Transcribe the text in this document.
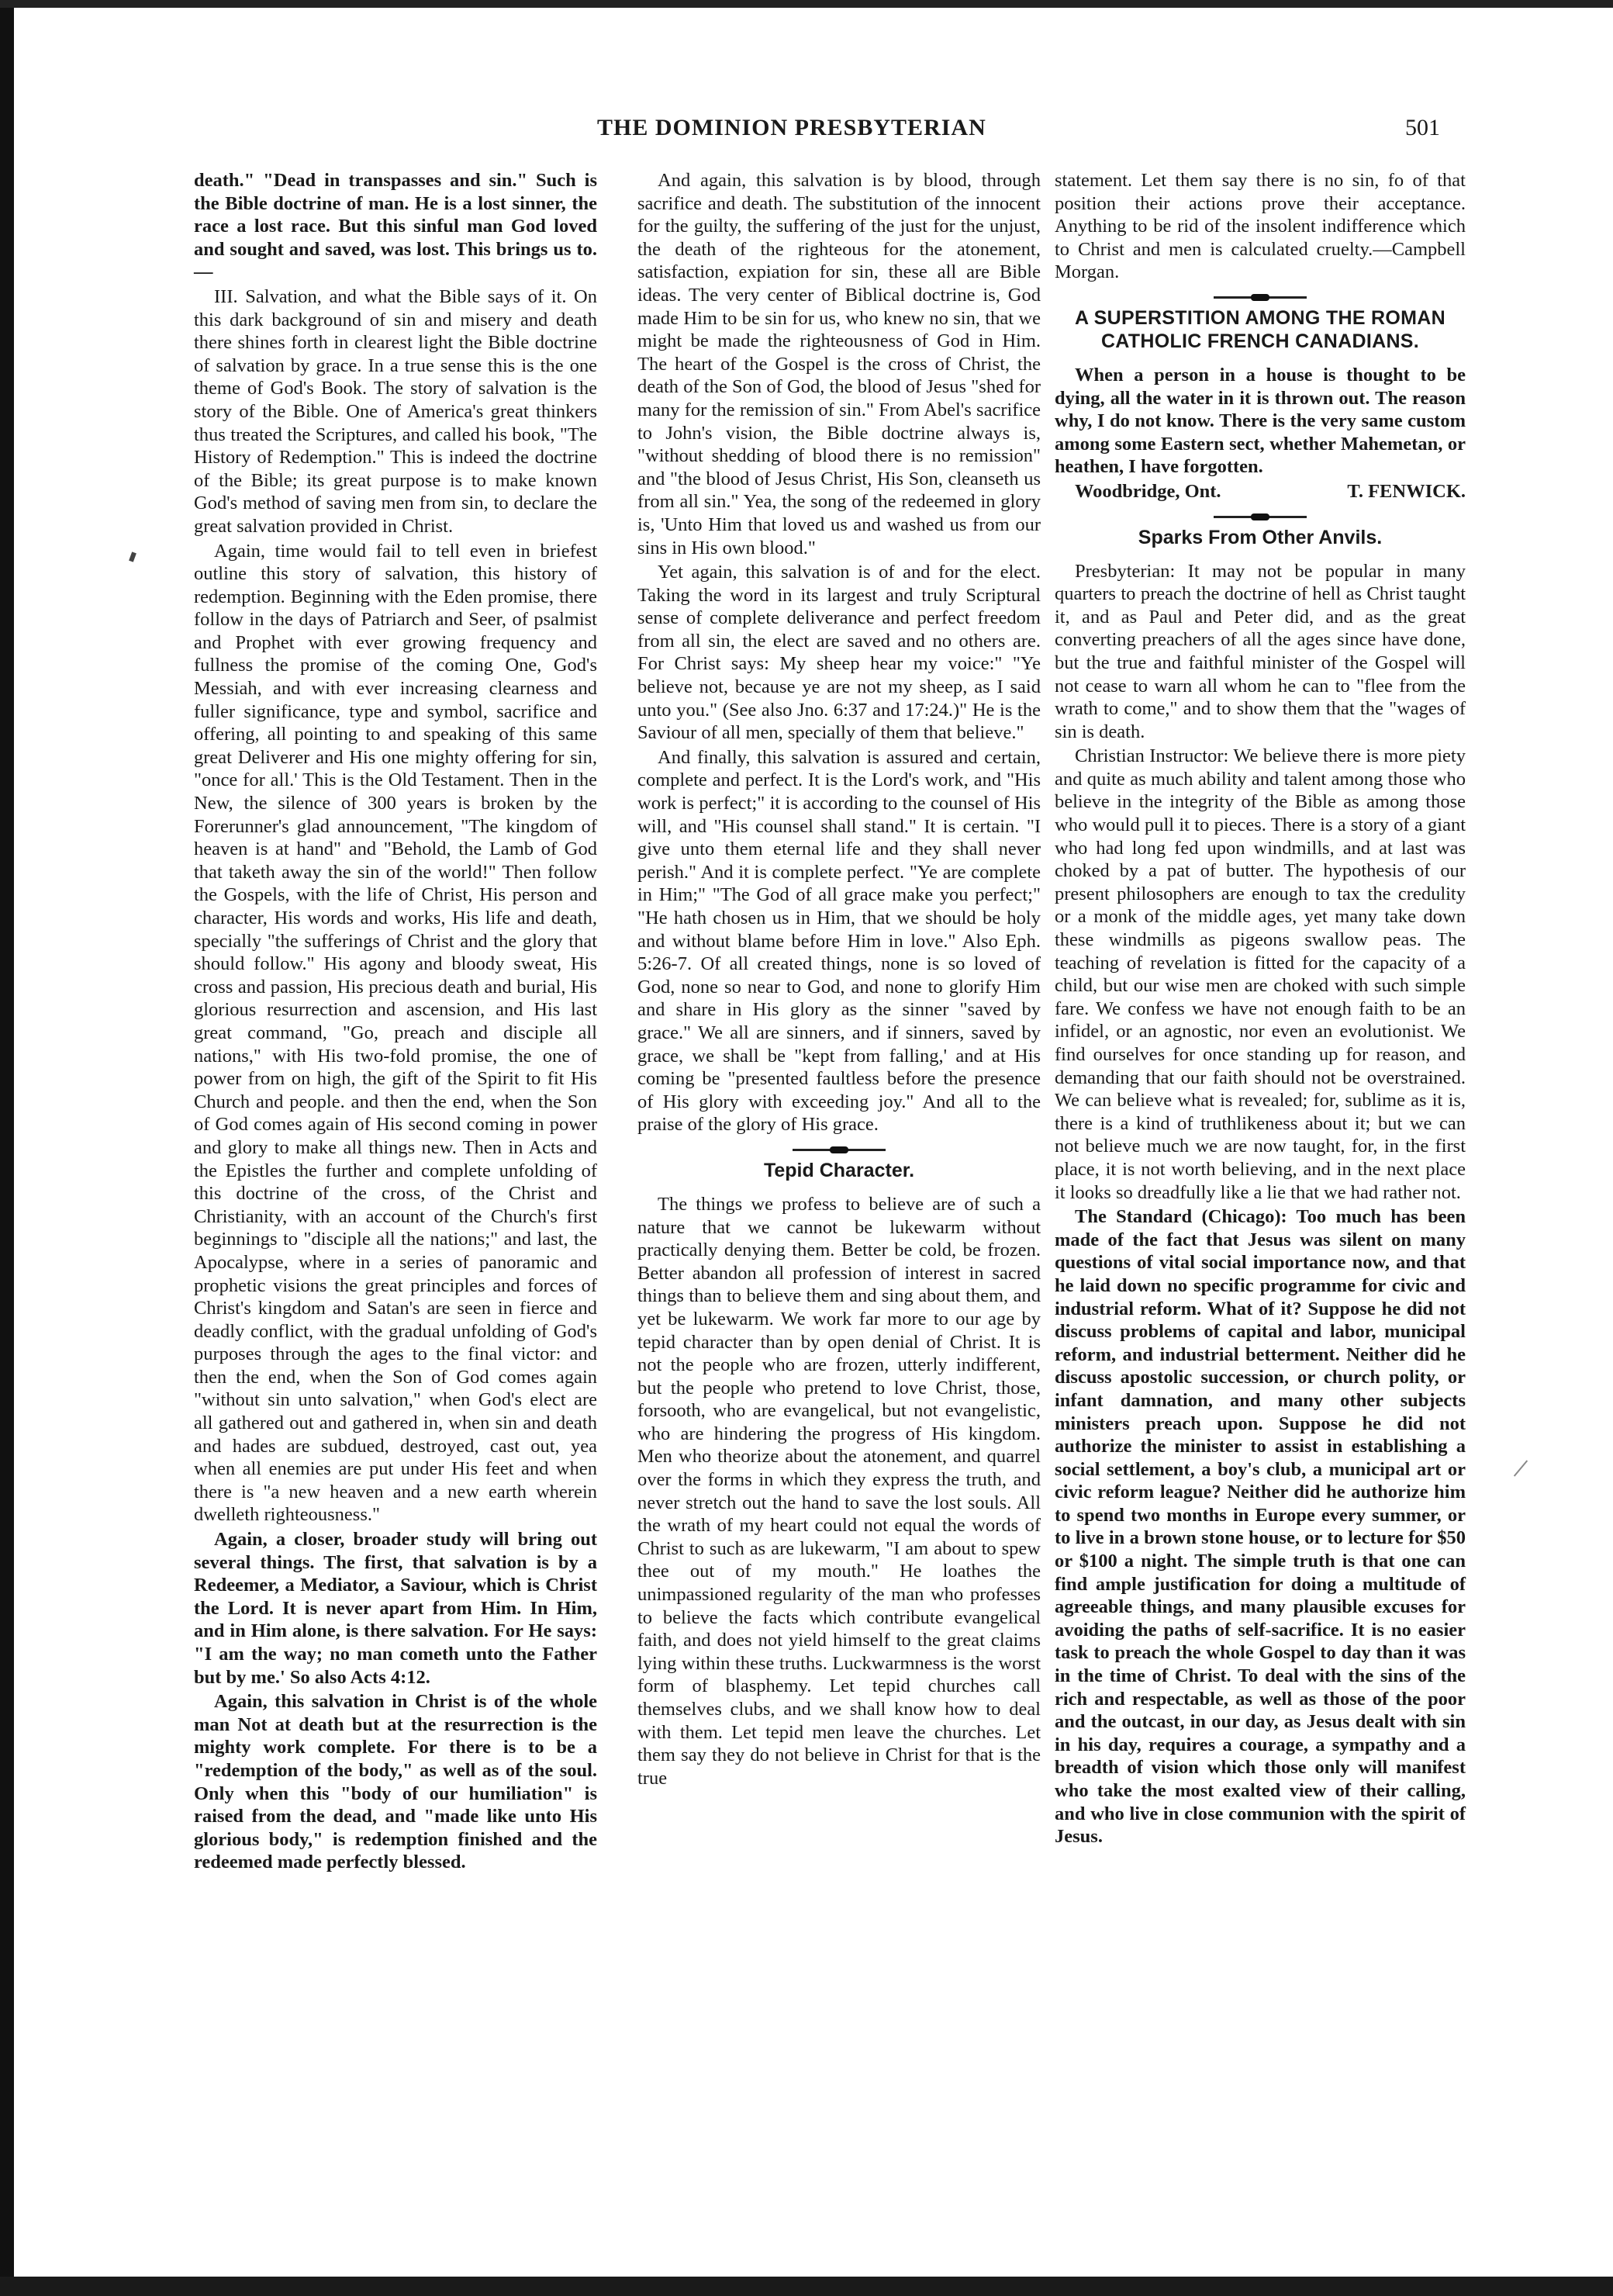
THE DOMINION PRESBYTERIAN	501

death." "Dead in transpasses and sin." Such is the Bible doctrine of man. He is a lost sinner, the race a lost race. But this sinful man God loved and sought and saved, was lost. This brings us to.—

III. Salvation, and what the Bible says of it. On this dark background of sin and misery and death there shines forth in clearest light the Bible doctrine of salvation by grace. In a true sense this is the one theme of God's Book. The story of salvation is the story of the Bible. One of America's great thinkers thus treated the Scriptures, and called his book, "The History of Redemption." This is indeed the doctrine of the Bible; its great purpose is to make known God's method of saving men from sin, to declare the great salvation provided in Christ.

Again, time would fail to tell even in briefest outline this story of salvation, this history of redemption. Beginning with the Eden promise, there follow in the days of Patriarch and Seer, of psalmist and Prophet with ever growing frequency and fullness the promise of the coming One, God's Messiah, and with ever increasing clearness and fuller significance, type and symbol, sacrifice and offering, all pointing to and speaking of this same great Deliverer and His one mighty offering for sin, "once for all.' This is the Old Testament. Then in the New, the silence of 300 years is broken by the Forerunner's glad announcement, "The kingdom of heaven is at hand" and "Behold, the Lamb of God that taketh away the sin of the world!" Then follow the Gospels, with the life of Christ, His person and character, His words and works, His life and death, specially "the sufferings of Christ and the glory that should follow." His agony and bloody sweat, His cross and passion, His precious death and burial, His glorious resurrection and ascension, and His last great command, "Go, preach and disciple all nations," with His two-fold promise, the one of power from on high, the gift of the Spirit to fit His Church and people. and then the end, when the Son of God comes again of His second coming in power and glory to make all things new. Then in Acts and the Epistles the further and complete unfolding of this doctrine of the cross, of the Christ and Christianity, with an account of the Church's first beginnings to "disciple all the nations;" and last, the Apocalypse, where in a series of panoramic and prophetic visions the great principles and forces of Christ's kingdom and Satan's are seen in fierce and deadly conflict, with the gradual unfolding of God's purposes through the ages to the final victor: and then the end, when the Son of God comes again "without sin unto salvation," when God's elect are all gathered out and gathered in, when sin and death and hades are subdued, destroyed, cast out, yea when all enemies are put under His feet and when there is "a new heaven and a new earth wherein dwelleth righteousness."

Again, a closer, broader study will bring out several things. The first, that salvation is by a Redeemer, a Mediator, a Saviour, which is Christ the Lord. It is never apart from Him. In Him, and in Him alone, is there salvation. For He says: "I am the way; no man cometh unto the Father but by me.' So also Acts 4:12.

Again, this salvation in Christ is of the whole man Not at death but at the resurrection is the mighty work complete. For there is to be a "redemption of the body," as well as of the soul. Only when this "body of our humiliation" is raised from the dead, and "made like unto His glorious body," is redemption finished and the redeemed made perfectly blessed.

And again, this salvation is by blood, through sacrifice and death. The substitution of the innocent for the guilty, the suffering of the just for the unjust, the death of the righteous for the atonement, satisfaction, expiation for sin, these all are Bible ideas. The very center of Biblical doctrine is, God made Him to be sin for us, who knew no sin, that we might be made the righteousness of God in Him. The heart of the Gospel is the cross of Christ, the death of the Son of God, the blood of Jesus "shed for many for the remission of sin." From Abel's sacrifice to John's vision, the Bible doctrine always is, "without shedding of blood there is no remission" and "the blood of Jesus Christ, His Son, cleanseth us from all sin." Yea, the song of the redeemed in glory is, 'Unto Him that loved us and washed us from our sins in His own blood."

Yet again, this salvation is of and for the elect. Taking the word in its largest and truly Scriptural sense of complete deliverance and perfect freedom from all sin, the elect are saved and no others are. For Christ says: My sheep hear my voice:" "Ye believe not, because ye are not my sheep, as I said unto you." (See also Jno. 6:37 and 17:24.)" He is the Saviour of all men, specially of them that believe."

And finally, this salvation is assured and certain, complete and perfect. It is the Lord's work, and "His work is perfect;" it is according to the counsel of His will, and "His counsel shall stand." It is certain. "I give unto them eternal life and they shall never perish." And it is complete perfect. "Ye are complete in Him;" "The God of all grace make you perfect;" "He hath chosen us in Him, that we should be holy and without blame before Him in love." Also Eph. 5:26-7. Of all created things, none is so loved of God, none so near to God, and none to glorify Him and share in His glory as the sinner "saved by grace." We all are sinners, and if sinners, saved by grace, we shall be "kept from falling,' and at His coming be "presented faultless before the presence of His glory with exceeding joy." And all to the praise of the glory of His grace.

Tepid Character.

The things we profess to believe are of such a nature that we cannot be lukewarm without practically denying them. Better be cold, be frozen. Better abandon all profession of interest in sacred things than to believe them and sing about them, and yet be lukewarm. We work far more to our age by tepid character than by open denial of Christ. It is not the people who are frozen, utterly indifferent, but the people who pretend to love Christ, those, forsooth, who are evangelical, but not evangelistic, who are hindering the progress of His kingdom. Men who theorize about the atonement, and quarrel over the forms in which they express the truth, and never stretch out the hand to save the lost souls. All the wrath of my heart could not equal the words of Christ to such as are lukewarm, "I am about to spew thee out of my mouth." He loathes the unimpassioned regularity of the man who professes to believe the facts which contribute evangelical faith, and does not yield himself to the great claims lying within these truths. Luckwarmness is the worst form of blasphemy. Let tepid churches call themselves clubs, and we shall know how to deal with them. Let tepid men leave the churches. Let them say they do not believe in Christ for that is the true

statement. Let them say there is no sin, fo of that position their actions prove their acceptance. Anything to be rid of the insolent indifference which to Christ and men is calculated cruelty.—Campbell Morgan.

A SUPERSTITION AMONG THE ROMAN CATHOLIC FRENCH CANADIANS.

When a person in a house is thought to be dying, all the water in it is thrown out. The reason why, I do not know. There is the very same custom among some Eastern sect, whether Mahemetan, or heathen, I have forgotten.

Woodbridge, Ont.	T. FENWICK.

Sparks From Other Anvils.

Presbyterian: It may not be popular in many quarters to preach the doctrine of hell as Christ taught it, and as Paul and Peter did, and as the great converting preachers of all the ages since have done, but the true and faithful minister of the Gospel will not cease to warn all whom he can to "flee from the wrath to come," and to show them that the "wages of sin is death.

Christian Instructor: We believe there is more piety and quite as much ability and talent among those who believe in the integrity of the Bible as among those who would pull it to pieces. There is a story of a giant who had long fed upon windmills, and at last was choked by a pat of butter. The hypothesis of our present philosophers are enough to tax the credulity or a monk of the middle ages, yet many take down these windmills as pigeons swallow peas. The teaching of revelation is fitted for the capacity of a child, but our wise men are choked with such simple fare. We confess we have not enough faith to be an infidel, or an agnostic, nor even an evolutionist. We find ourselves for once standing up for reason, and demanding that our faith should not be overstrained. We can believe what is revealed; for, sublime as it is, there is a kind of truthlikeness about it; but we can not believe much we are now taught, for, in the first place, it is not worth believing, and in the next place it looks so dreadfully like a lie that we had rather not.

The Standard (Chicago): Too much has been made of the fact that Jesus was silent on many questions of vital social importance now, and that he laid down no specific programme for civic and industrial reform. What of it? Suppose he did not discuss problems of capital and labor, municipal reform, and industrial betterment. Neither did he discuss apostolic succession, or church polity, or infant damnation, and many other subjects ministers preach upon. Suppose he did not authorize the minister to assist in establishing a social settlement, a boy's club, a municipal art or civic reform league? Neither did he authorize him to spend two months in Europe every summer, or to live in a brown stone house, or to lecture for $50 or $100 a night. The simple truth is that one can find ample justification for doing a multitude of agreeable things, and many plausible excuses for avoiding the paths of self-sacrifice. It is no easier task to preach the whole Gospel to day than it was in the time of Christ. To deal with the sins of the rich and respectable, as well as those of the poor and the outcast, in our day, as Jesus dealt with sin in his day, requires a courage, a sympathy and a breadth of vision which those only will manifest who take the most exalted view of their calling, and who live in close communion with the spirit of Jesus.
